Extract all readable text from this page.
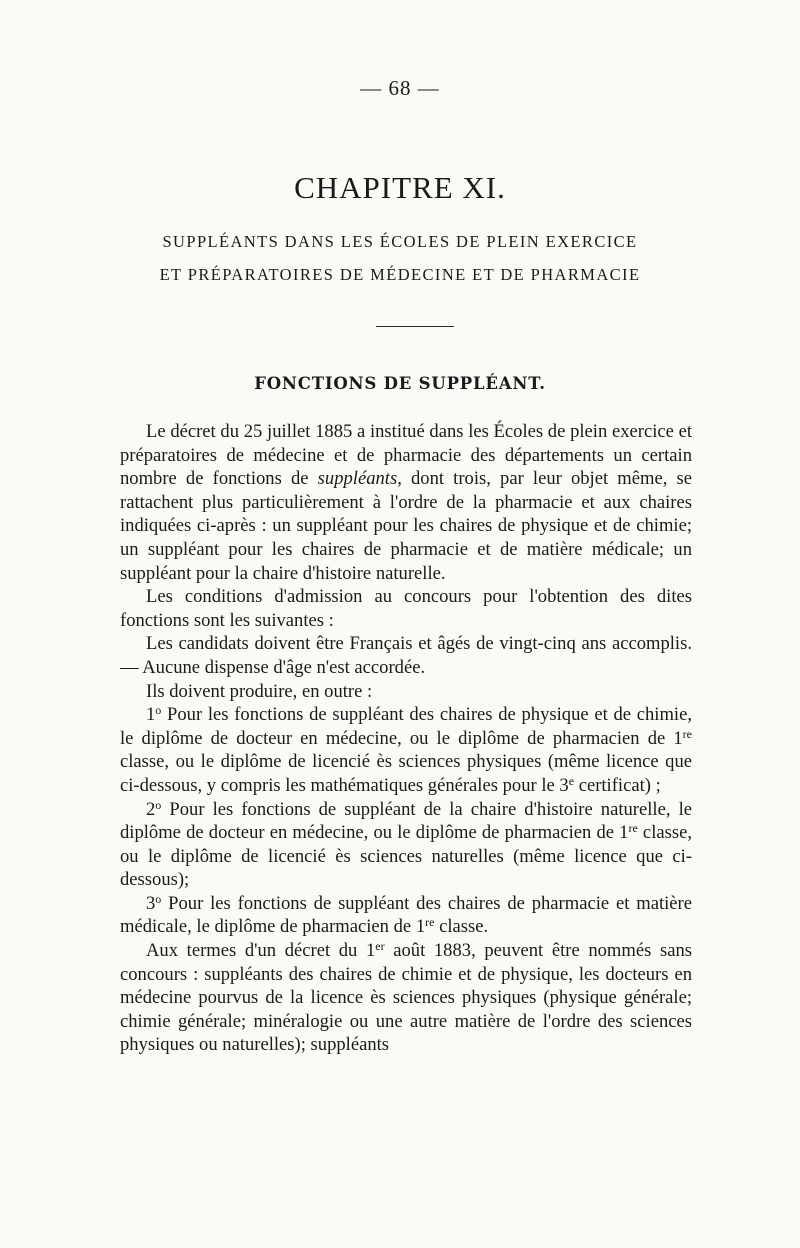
— 68 —
CHAPITRE XI.
SUPPLÉANTS DANS LES ÉCOLES DE PLEIN EXERCICE
ET PRÉPARATOIRES DE MÉDECINE ET DE PHARMACIE
FONCTIONS DE SUPPLÉANT.

Le décret du 25 juillet 1885 a institué dans les Écoles de plein exercice et préparatoires de médecine et de pharmacie des départements un certain nombre de fonctions de suppléants, dont trois, par leur objet même, se rattachent plus particulièrement à l'ordre de la pharmacie et aux chaires indiquées ci-après : un suppléant pour les chaires de physique et de chimie; un suppléant pour les chaires de pharmacie et de matière médicale; un suppléant pour la chaire d'histoire naturelle.

Les conditions d'admission au concours pour l'obtention des dites fonctions sont les suivantes :

Les candidats doivent être Français et âgés de vingt-cinq ans accomplis. — Aucune dispense d'âge n'est accordée.

Ils doivent produire, en outre :

1$^o$ Pour les fonctions de suppléant des chaires de physique et de chimie, le diplôme de docteur en médecine, ou le diplôme de pharmacien de 1re classe, ou le diplôme de licencié ès sciences physiques (même licence que ci-dessous, y compris les mathématiques générales pour le 3e certificat) ;

2$^o$ Pour les fonctions de suppléant de la chaire d'histoire naturelle, le diplôme de docteur en médecine, ou le diplôme de pharmacien de 1re classe, ou le diplôme de licencié ès sciences naturelles (même licence que ci-dessous);

3$^o$ Pour les fonctions de suppléant des chaires de pharmacie et matière médicale, le diplôme de pharmacien de 1re classe.

Aux termes d'un décret du 1er août 1883, peuvent être nommés sans concours : suppléants des chaires de chimie et de physique, les docteurs en médecine pourvus de la licence ès sciences physiques (physique générale; chimie générale; minéralogie ou une autre matière de l'ordre des sciences physiques ou naturelles); suppléants
